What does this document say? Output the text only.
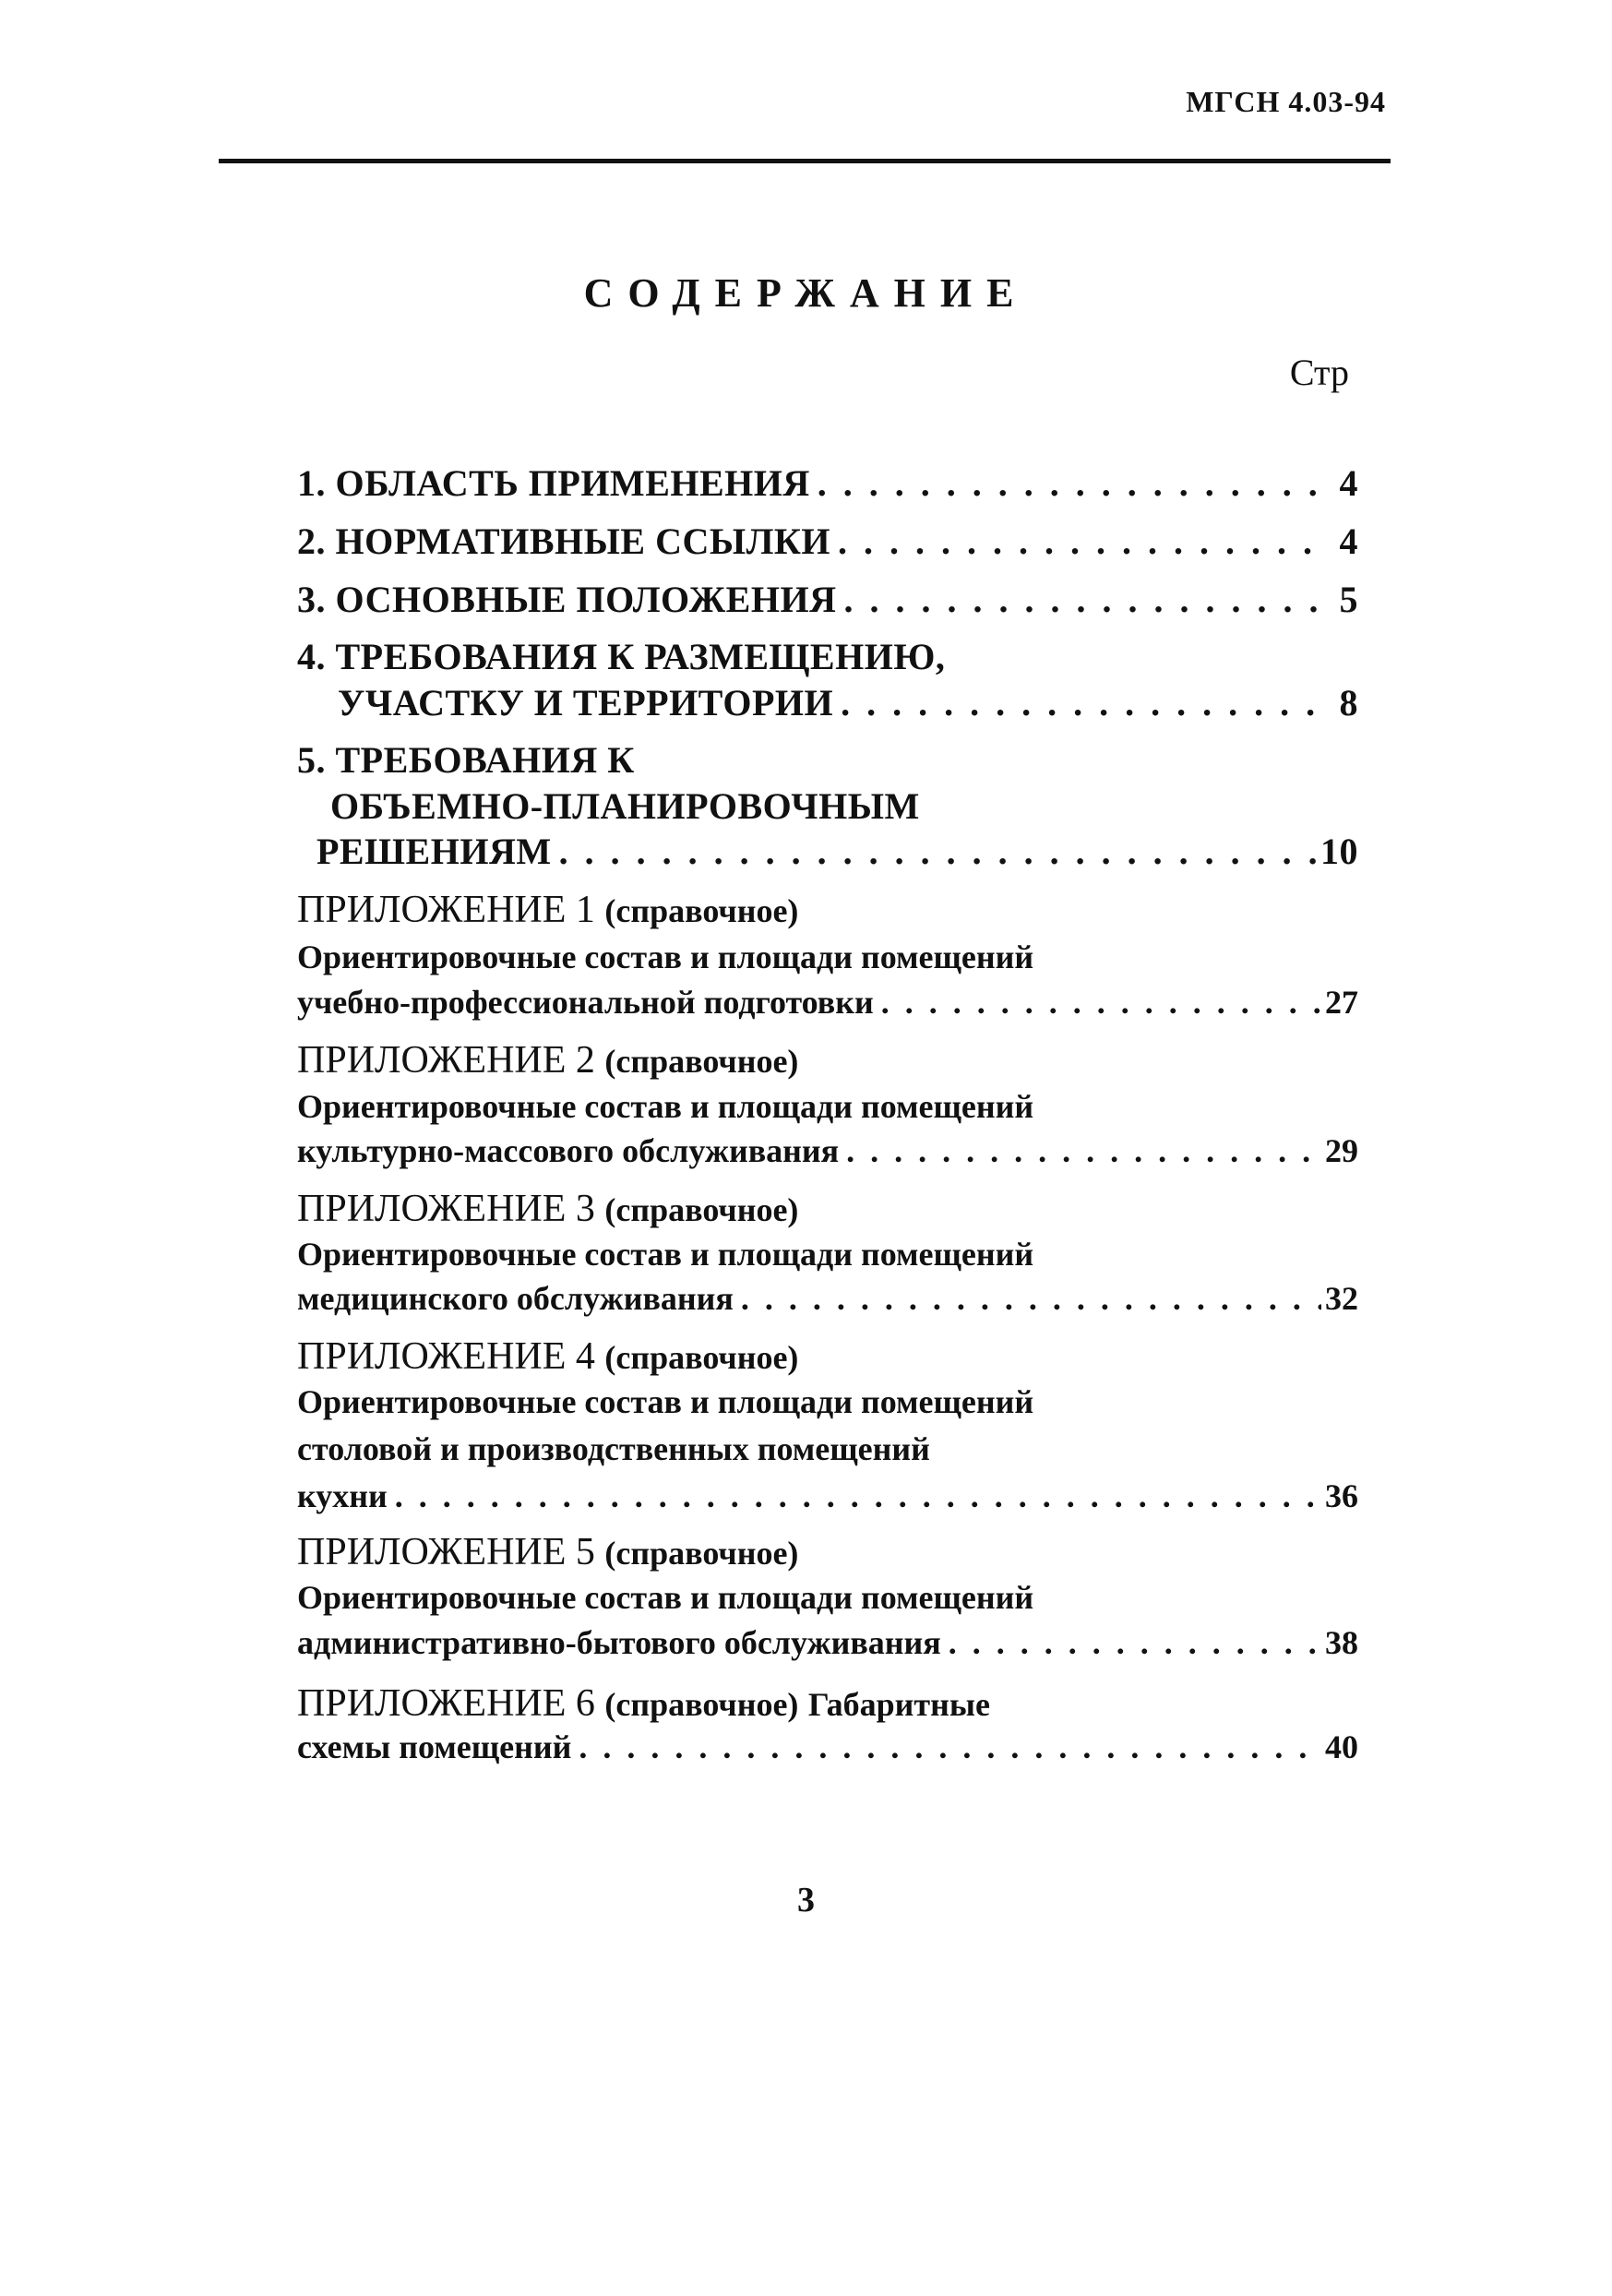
МГСН 4.03-94
СОДЕРЖАНИЕ
Стр
1. ОБЛАСТЬ ПРИМЕНЕНИЯ . . .	4
2. НОРМАТИВНЫЕ ССЫЛКИ . . .	4
3. ОСНОВНЫЕ ПОЛОЖЕНИЯ . . .	5
4. ТРЕБОВАНИЯ К РАЗМЕЩЕНИЮ,
УЧАСТКУ И ТЕРРИТОРИИ . . .	8
5. ТРЕБОВАНИЯ К
ОБЪЕМНО-ПЛАНИРОВОЧНЫМ
РЕШЕНИЯМ . . .	10
ПРИЛОЖЕНИЕ 1 (справочное)
Ориентировочные состав и площади помещений
учебно-профессиональной подготовки . . .	27
ПРИЛОЖЕНИЕ 2 (справочное)
Ориентировочные состав и площади помещений
культурно-массового обслуживания . . .	29
ПРИЛОЖЕНИЕ 3 (справочное)
Ориентировочные состав и площади помещений
медицинского обслуживания . . .	32
ПРИЛОЖЕНИЕ 4 (справочное)
Ориентировочные состав и площади помещений
столовой и производственных помещений
кухни . . .	36
ПРИЛОЖЕНИЕ 5 (справочное)
Ориентировочные состав и площади помещений
административно-бытового обслуживания . . .	38
ПРИЛОЖЕНИЕ 6 (справочное) Габаритные
схемы помещений . . .	40
3
